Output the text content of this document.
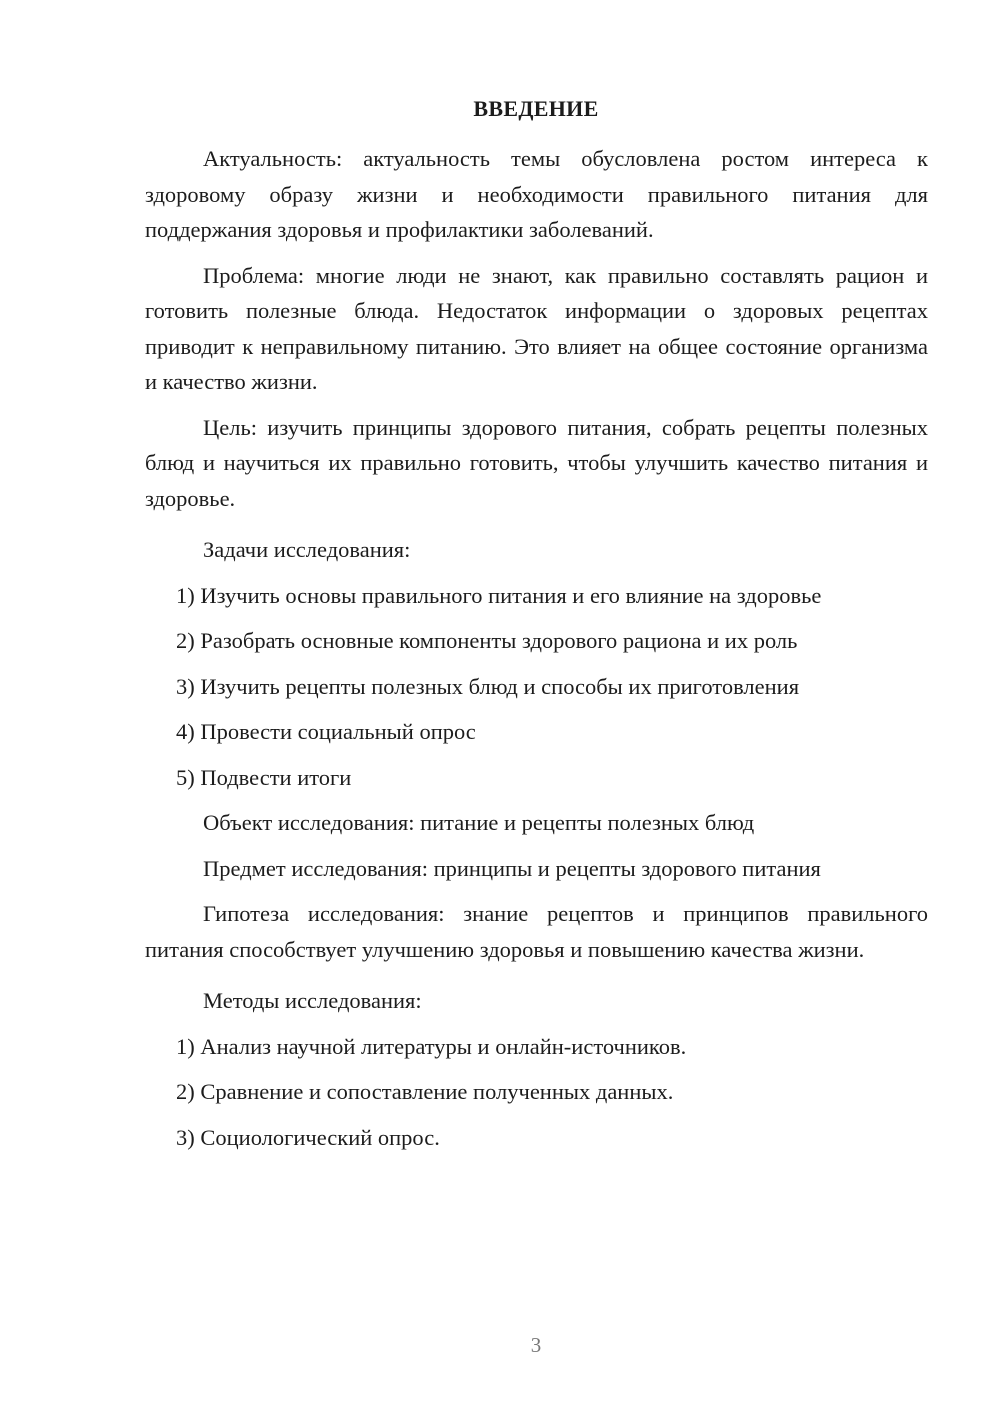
ВВЕДЕНИЕ

Актуальность: актуальность темы обусловлена ростом интереса к здоровому образу жизни и необходимости правильного питания для поддержания здоровья и профилактики заболеваний.

Проблема: многие люди не знают, как правильно составлять рацион и готовить полезные блюда. Недостаток информации о здоровых рецептах приводит к неправильному питанию. Это влияет на общее состояние организма и качество жизни.

Цель: изучить принципы здорового питания, собрать рецепты полезных блюд и научиться их правильно готовить, чтобы улучшить качество питания и здоровье.

Задачи исследования:

1) Изучить основы правильного питания и его влияние на здоровье
2) Разобрать основные компоненты здорового рациона и их роль
3) Изучить рецепты полезных блюд и способы их приготовления
4) Провести социальный опрос
5) Подвести итоги

Объект исследования: питание и рецепты полезных блюд

Предмет исследования: принципы и рецепты здорового питания

Гипотеза исследования: знание рецептов и принципов правильного питания способствует улучшению здоровья и повышению качества жизни.

Методы исследования:

1) Анализ научной литературы и онлайн-источников.
2) Сравнение и сопоставление полученных данных.
3) Социологический опрос.
3
